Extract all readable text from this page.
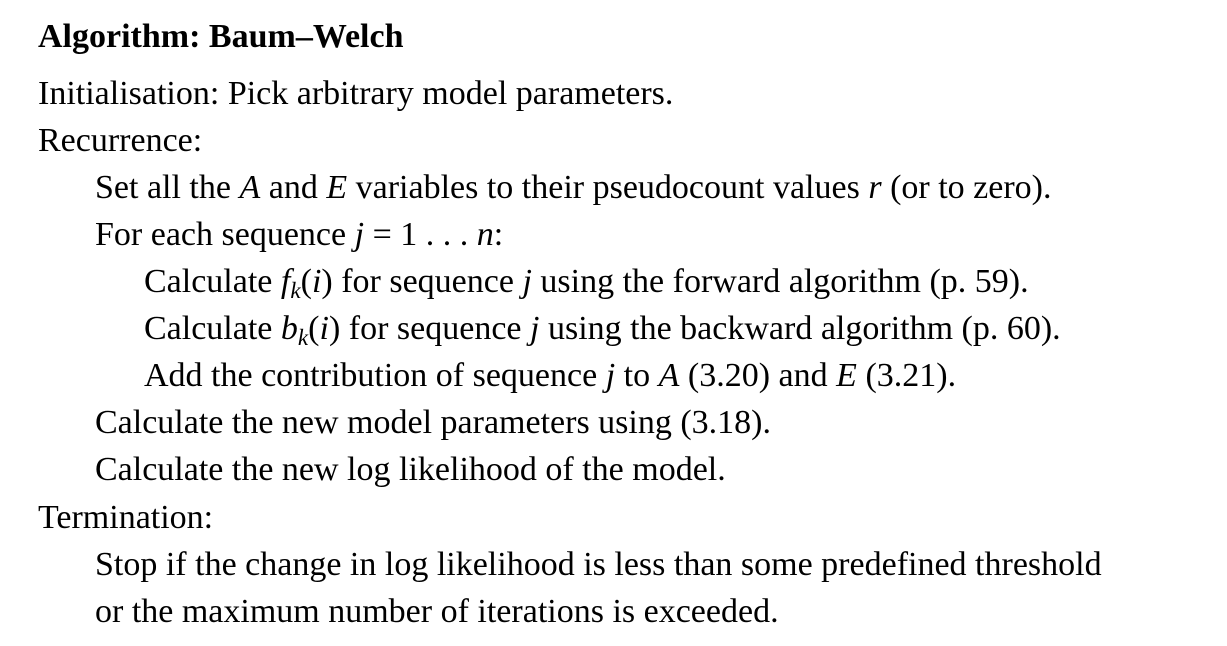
Algorithm: Baum–Welch
Initialisation: Pick arbitrary model parameters.
Recurrence:
Set all the A and E variables to their pseudocount values r (or to zero).
For each sequence j = 1 . . . n:
Calculate $f_k(i)$ for sequence j using the forward algorithm (p. 59).
Calculate $b_k(i)$ for sequence j using the backward algorithm (p. 60).
Add the contribution of sequence j to A (3.20) and E (3.21).
Calculate the new model parameters using (3.18).
Calculate the new log likelihood of the model.
Termination:
Stop if the change in log likelihood is less than some predefined threshold
or the maximum number of iterations is exceeded.
